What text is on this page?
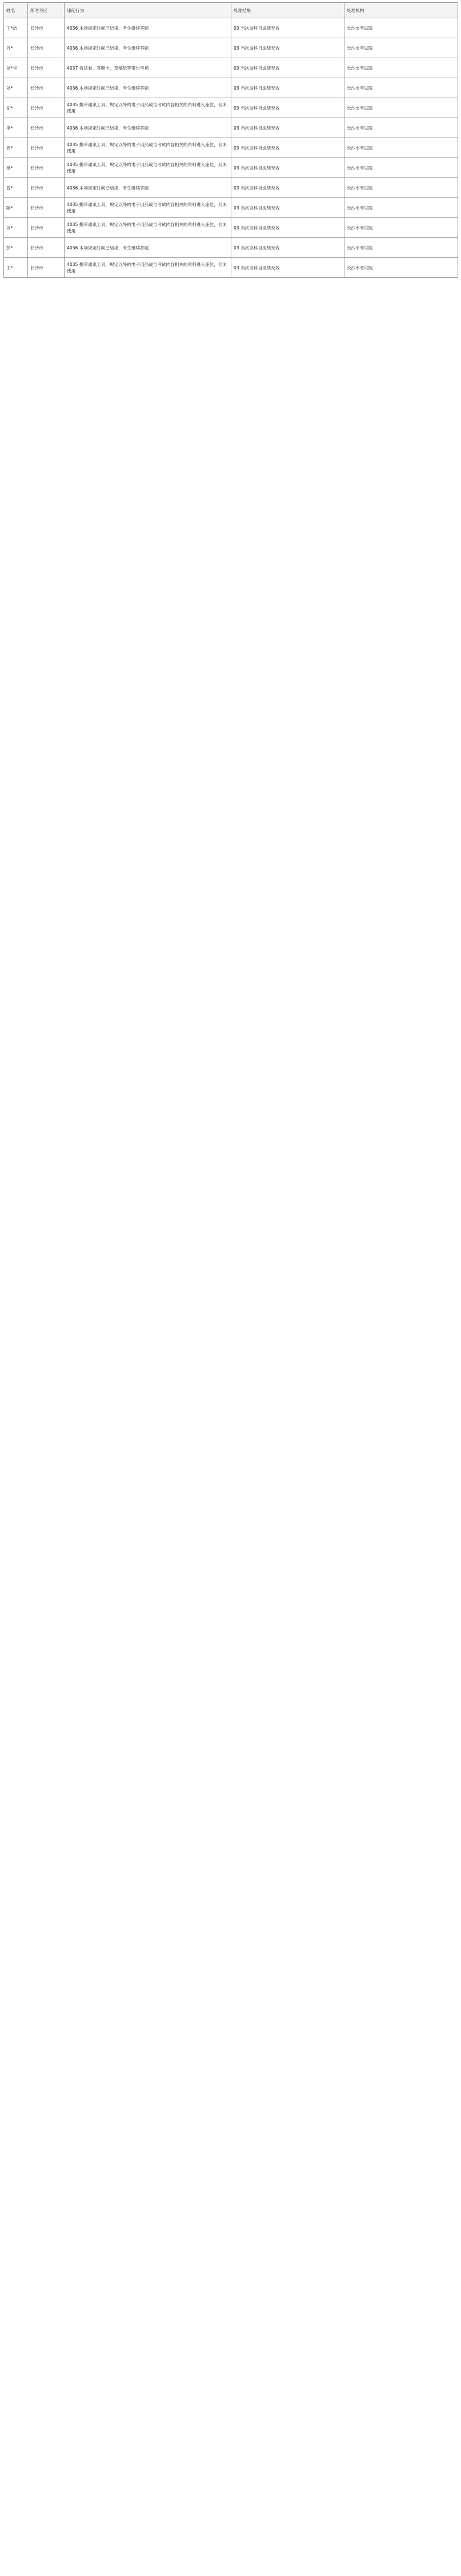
姓名	所考考区	违纪行为	处理结果	处理机构
丁*洁	长沙市	4036 本场规定时间已结束，考生继续答题	03 当次该科目成绩无效	长沙市考试院
万*	长沙市	4036 本场规定时间已结束，考生继续答题	03 当次该科目成绩无效	长沙市考试院
刘*华	长沙市	4037 将试卷、答题卡、草稿纸等带出考场	03 当次该科目成绩无效	长沙市考试院
刘*	长沙市	4036 本场规定时间已结束，考生继续答题	03 当次该科目成绩无效	长沙市考试院
胡*	长沙市	4035 携带通讯工具、规定以外的电子用品或与考试内容相关的资料进入座位，但未使用	03 当次该科目成绩无效	长沙市考试院
李*	长沙市	4036 本场规定时间已结束，考生继续答题	03 当次该科目成绩无效	长沙市考试院
周*	长沙市	4035 携带通讯工具、规定以外的电子用品或与考试内容相关的资料进入座位，但未使用	03 当次该科目成绩无效	长沙市考试院
杨*	长沙市	4035 携带通讯工具、规定以外的电子用品或与考试内容相关的资料进入座位，但未使用	03 当次该科目成绩无效	长沙市考试院
曾*	长沙市	4036 本场规定时间已结束，考生继续答题	03 当次该科目成绩无效	长沙市考试院
陈*	长沙市	4035 携带通讯工具、规定以外的电子用品或与考试内容相关的资料进入座位，但未使用	03 当次该科目成绩无效	长沙市考试院
刘*	长沙市	4035 携带通讯工具、规定以外的电子用品或与考试内容相关的资料进入座位，但未使用	03 当次该科目成绩无效	长沙市考试院
彭*	长沙市	4036 本场规定时间已结束，考生继续答题	03 当次该科目成绩无效	长沙市考试院
王*	长沙市	4035 携带通讯工具、规定以外的电子用品或与考试内容相关的资料进入座位，但未使用	03 当次该科目成绩无效	长沙市考试院
